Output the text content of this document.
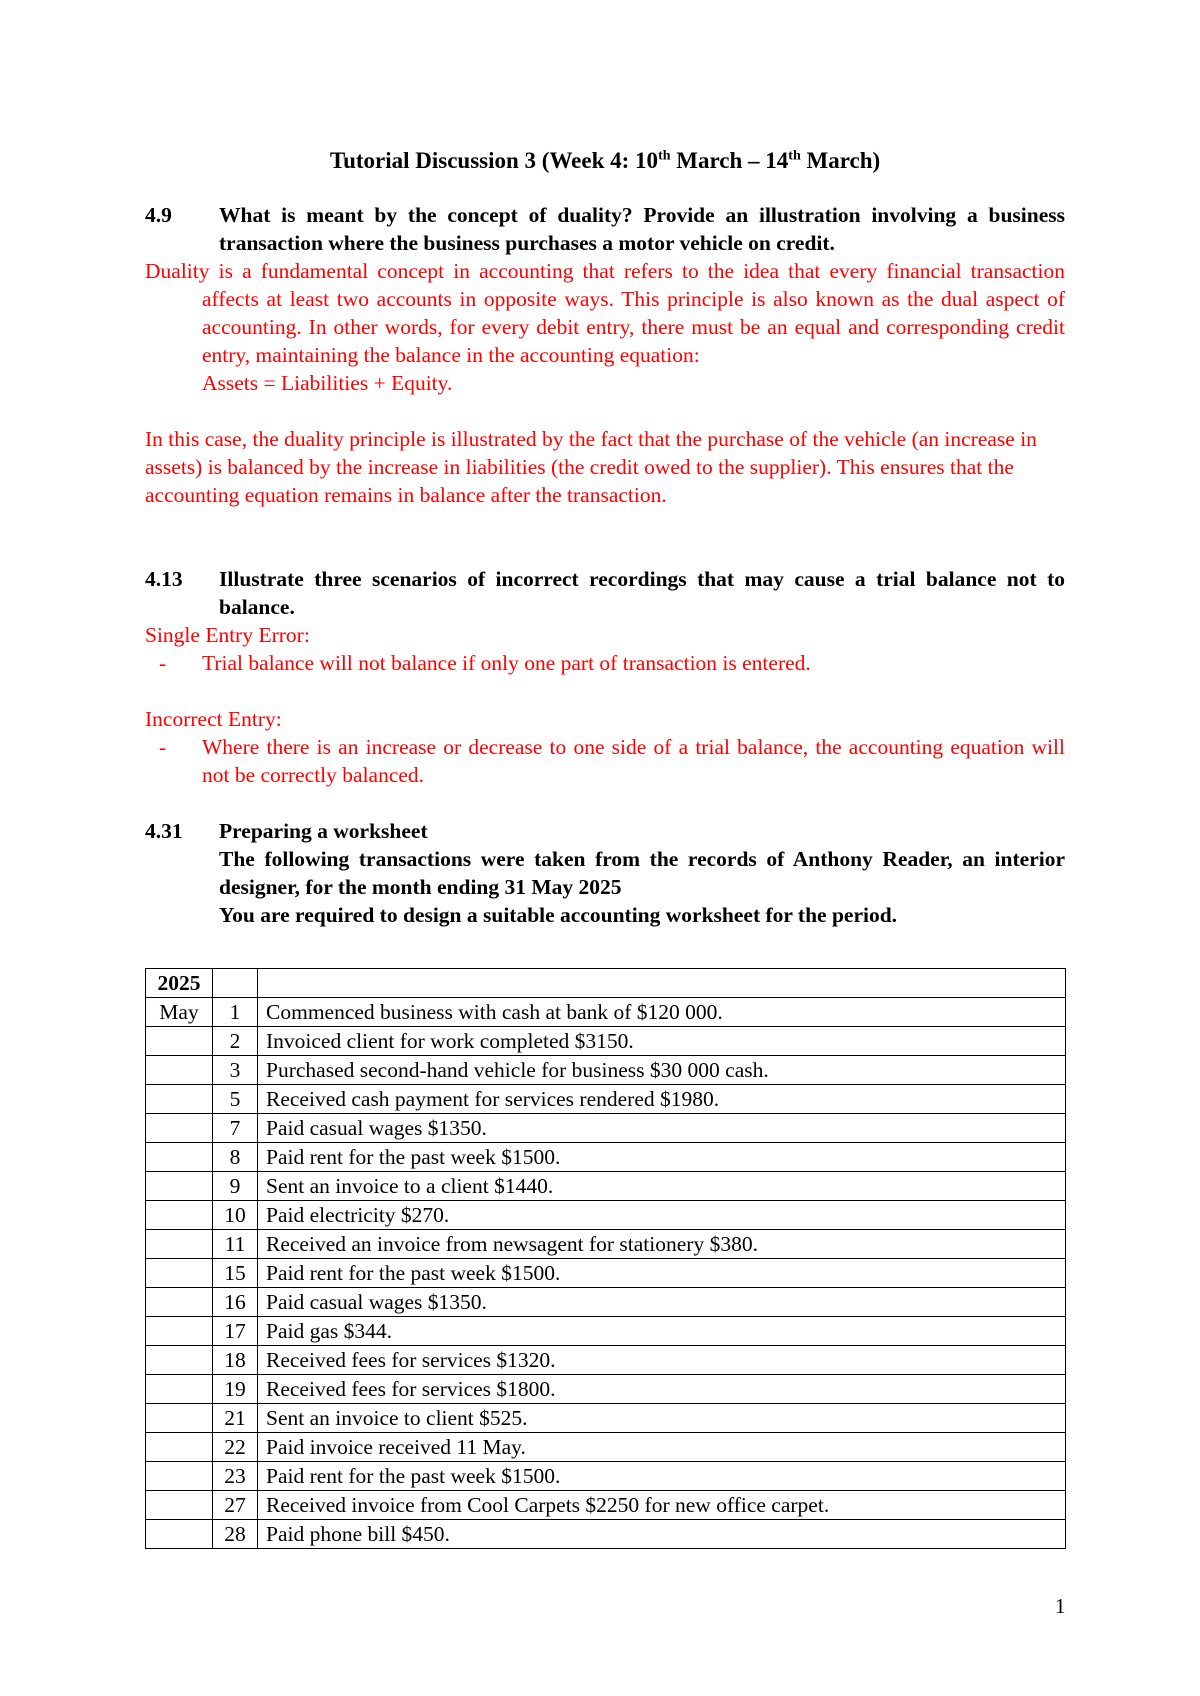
Tutorial Discussion 3 (Week 4: 10th March – 14th March)
4.9	What is meant by the concept of duality? Provide an illustration involving a business transaction where the business purchases a motor vehicle on credit.
Duality is a fundamental concept in accounting that refers to the idea that every financial transaction affects at least two accounts in opposite ways. This principle is also known as the dual aspect of accounting. In other words, for every debit entry, there must be an equal and corresponding credit entry, maintaining the balance in the accounting equation:
Assets = Liabilities + Equity.
In this case, the duality principle is illustrated by the fact that the purchase of the vehicle (an increase in assets) is balanced by the increase in liabilities (the credit owed to the supplier). This ensures that the accounting equation remains in balance after the transaction.
4.13	Illustrate three scenarios of incorrect recordings that may cause a trial balance not to balance.
Single Entry Error:
-	Trial balance will not balance if only one part of transaction is entered.
Incorrect Entry:
-	Where there is an increase or decrease to one side of a trial balance, the accounting equation will not be correctly balanced.
4.31	Preparing a worksheet
The following transactions were taken from the records of Anthony Reader, an interior designer, for the month ending 31 May 2025
You are required to design a suitable accounting worksheet for the period.
2025		
May	1	Commenced business with cash at bank of $120 000.
	2	Invoiced client for work completed $3150.
	3	Purchased second-hand vehicle for business $30 000 cash.
	5	Received cash payment for services rendered $1980.
	7	Paid casual wages $1350.
	8	Paid rent for the past week $1500.
	9	Sent an invoice to a client $1440.
	10	Paid electricity $270.
	11	Received an invoice from newsagent for stationery $380.
	15	Paid rent for the past week $1500.
	16	Paid casual wages $1350.
	17	Paid gas $344.
	18	Received fees for services $1320.
	19	Received fees for services $1800.
	21	Sent an invoice to client $525.
	22	Paid invoice received 11 May.
	23	Paid rent for the past week $1500.
	27	Received invoice from Cool Carpets $2250 for new office carpet.
	28	Paid phone bill $450.
1
